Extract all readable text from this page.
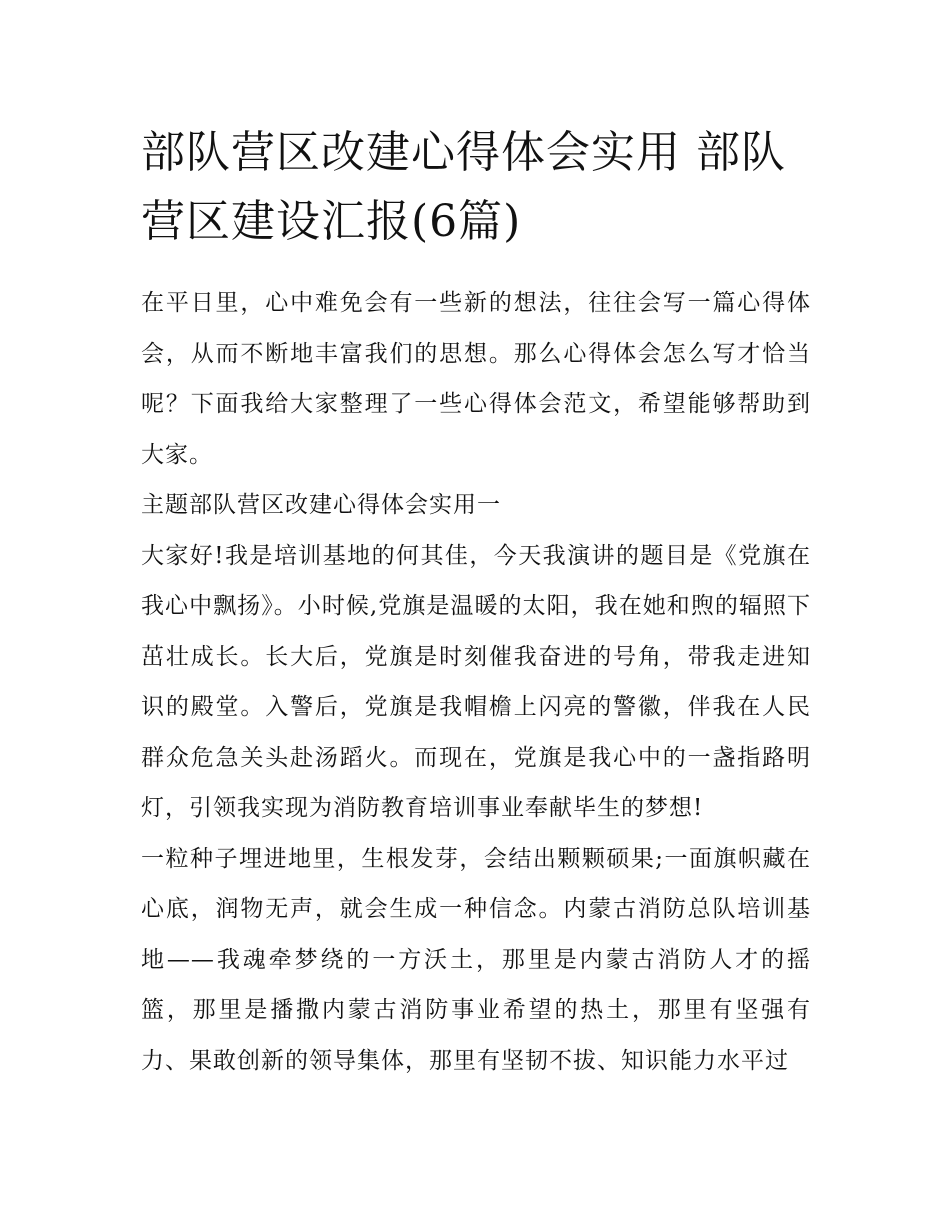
部队营区改建心得体会实用 部队营区建设汇报(6篇)

在平日里，心中难免会有一些新的想法，往往会写一篇心得体会，从而不断地丰富我们的思想。那么心得体会怎么写才恰当呢？下面我给大家整理了一些心得体会范文，希望能够帮助到大家。

主题部队营区改建心得体会实用一

大家好!我是培训基地的何其佳，今天我演讲的题目是《党旗在我心中飘扬》。小时候,党旗是温暖的太阳，我在她和煦的辐照下茁壮成长。长大后，党旗是时刻催我奋进的号角，带我走进知识的殿堂。入警后，党旗是我帽檐上闪亮的警徽，伴我在人民群众危急关头赴汤蹈火。而现在，党旗是我心中的一盏指路明灯，引领我实现为消防教育培训事业奉献毕生的梦想!

一粒种子埋进地里，生根发芽，会结出颗颗硕果;一面旗帜藏在心底，润物无声，就会生成一种信念。内蒙古消防总队培训基地——我魂牵梦绕的一方沃土，那里是内蒙古消防人才的摇篮，那里是播撒内蒙古消防事业希望的热土，那里有坚强有力、果敢创新的领导集体，那里有坚韧不拔、知识能力水平过
